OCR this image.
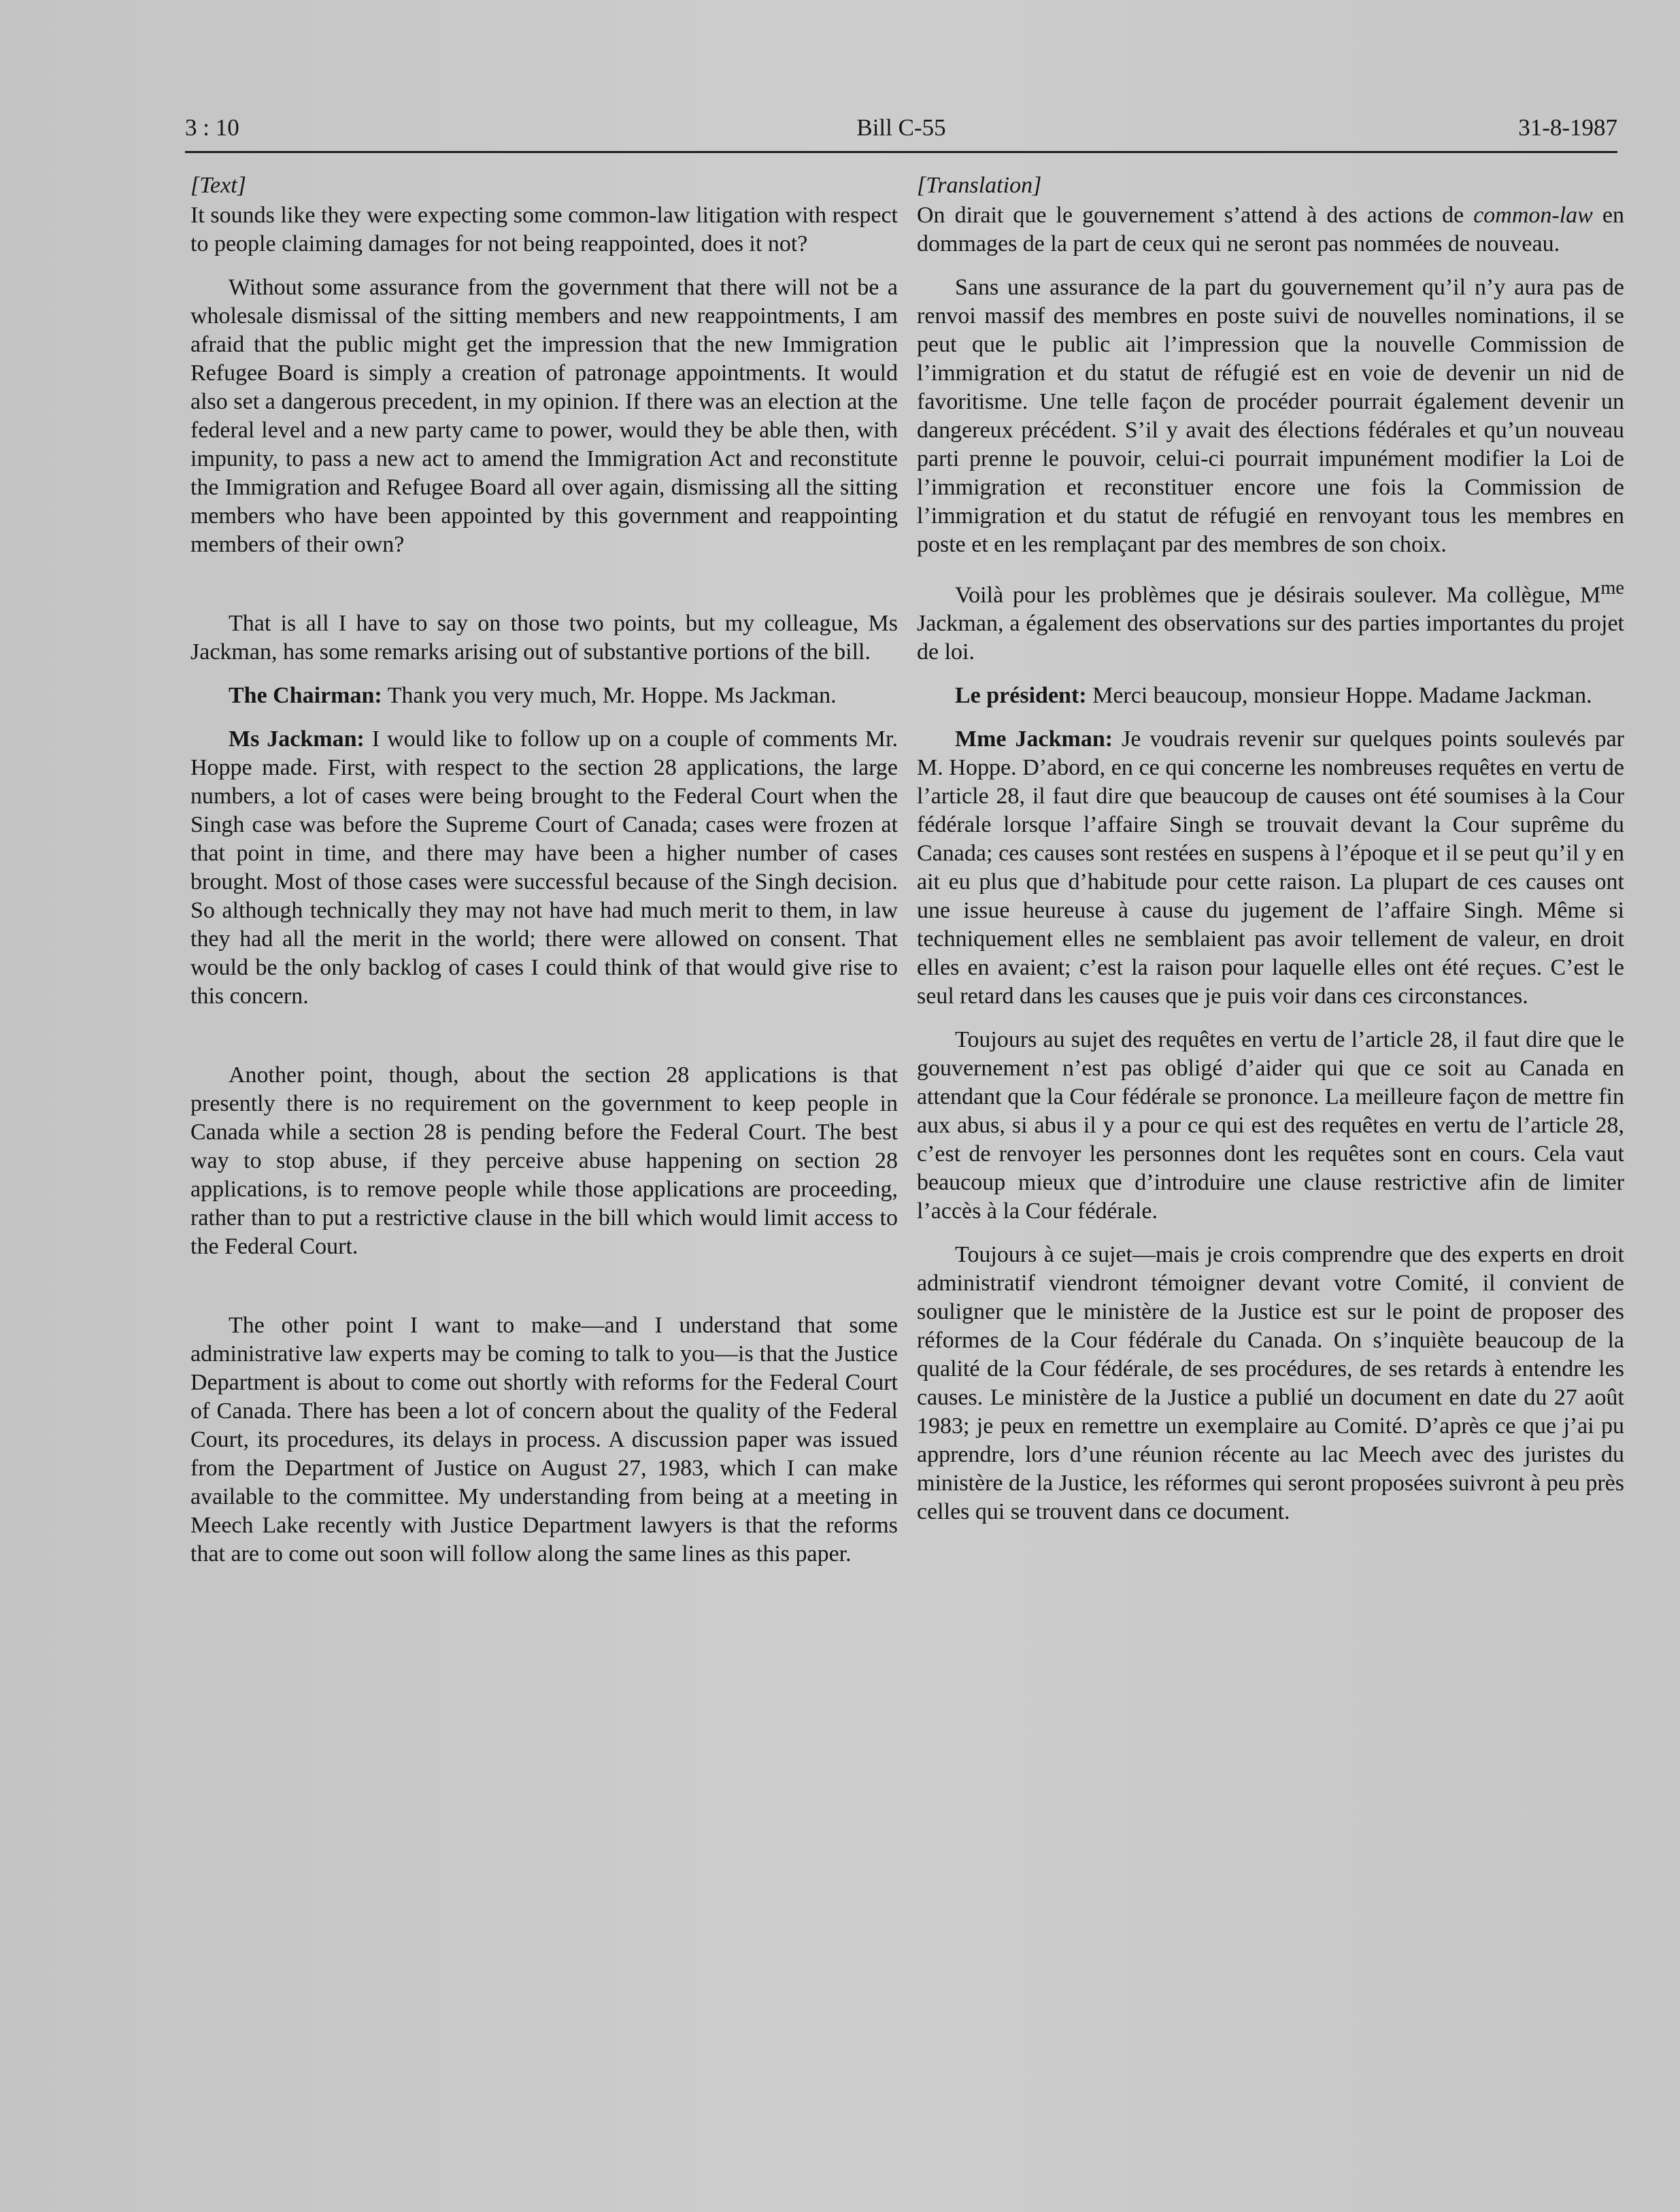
3 : 10	Bill C-55	31-8-1987
[Text]

It sounds like they were expecting some common-law litigation with respect to people claiming damages for not being reappointed, does it not?

Without some assurance from the government that there will not be a wholesale dismissal of the sitting members and new reappointments, I am afraid that the public might get the impression that the new Immigration Refugee Board is simply a creation of patronage appointments. It would also set a dangerous precedent, in my opinion. If there was an election at the federal level and a new party came to power, would they be able then, with impunity, to pass a new act to amend the Immigration Act and reconstitute the Immigration and Refugee Board all over again, dismissing all the sitting members who have been appointed by this government and reappointing members of their own?

That is all I have to say on those two points, but my colleague, Ms Jackman, has some remarks arising out of substantive portions of the bill.

The Chairman: Thank you very much, Mr. Hoppe. Ms Jackman.

Ms Jackman: I would like to follow up on a couple of comments Mr. Hoppe made. First, with respect to the section 28 applications, the large numbers, a lot of cases were being brought to the Federal Court when the Singh case was before the Supreme Court of Canada; cases were frozen at that point in time, and there may have been a higher number of cases brought. Most of those cases were successful because of the Singh decision. So although technically they may not have had much merit to them, in law they had all the merit in the world; there were allowed on consent. That would be the only backlog of cases I could think of that would give rise to this concern.

Another point, though, about the section 28 applications is that presently there is no requirement on the government to keep people in Canada while a section 28 is pending before the Federal Court. The best way to stop abuse, if they perceive abuse happening on section 28 applications, is to remove people while those applications are proceeding, rather than to put a restrictive clause in the bill which would limit access to the Federal Court.

The other point I want to make—and I understand that some administrative law experts may be coming to talk to you—is that the Justice Department is about to come out shortly with reforms for the Federal Court of Canada. There has been a lot of concern about the quality of the Federal Court, its procedures, its delays in process. A discussion paper was issued from the Department of Justice on August 27, 1983, which I can make available to the committee. My understanding from being at a meeting in Meech Lake recently with Justice Department lawyers is that the reforms that are to come out soon will follow along the same lines as this paper.

[Translation]

On dirait que le gouvernement s’attend à des actions de common-law en dommages de la part de ceux qui ne seront pas nommées de nouveau.

Sans une assurance de la part du gouvernement qu’il n’y aura pas de renvoi massif des membres en poste suivi de nouvelles nominations, il se peut que le public ait l’impression que la nouvelle Commission de l’immigration et du statut de réfugié est en voie de devenir un nid de favoritisme. Une telle façon de procéder pourrait également devenir un dangereux précédent. S’il y avait des élections fédérales et qu’un nouveau parti prenne le pouvoir, celui-ci pourrait impunément modifier la Loi de l’immigration et reconstituer encore une fois la Commission de l’immigration et du statut de réfugié en renvoyant tous les membres en poste et en les remplaçant par des membres de son choix.

Voilà pour les problèmes que je désirais soulever. Ma collègue, $M^{me}$ Jackman, a également des observations sur des parties importantes du projet de loi.

Le président: Merci beaucoup, monsieur Hoppe. Madame Jackman.

Mme Jackman: Je voudrais revenir sur quelques points soulevés par M. Hoppe. D’abord, en ce qui concerne les nombreuses requêtes en vertu de l’article 28, il faut dire que beaucoup de causes ont été soumises à la Cour fédérale lorsque l’affaire Singh se trouvait devant la Cour suprême du Canada; ces causes sont restées en suspens à l’époque et il se peut qu’il y en ait eu plus que d’habitude pour cette raison. La plupart de ces causes ont une issue heureuse à cause du jugement de l’affaire Singh. Même si techniquement elles ne semblaient pas avoir tellement de valeur, en droit elles en avaient; c’est la raison pour laquelle elles ont été reçues. C’est le seul retard dans les causes que je puis voir dans ces circonstances.

Toujours au sujet des requêtes en vertu de l’article 28, il faut dire que le gouvernement n’est pas obligé d’aider qui que ce soit au Canada en attendant que la Cour fédérale se prononce. La meilleure façon de mettre fin aux abus, si abus il y a pour ce qui est des requêtes en vertu de l’article 28, c’est de renvoyer les personnes dont les requêtes sont en cours. Cela vaut beaucoup mieux que d’introduire une clause restrictive afin de limiter l’accès à la Cour fédérale.

Toujours à ce sujet—mais je crois comprendre que des experts en droit administratif viendront témoigner devant votre Comité, il convient de souligner que le ministère de la Justice est sur le point de proposer des réformes de la Cour fédérale du Canada. On s’inquiète beaucoup de la qualité de la Cour fédérale, de ses procédures, de ses retards à entendre les causes. Le ministère de la Justice a publié un document en date du 27 août 1983; je peux en remettre un exemplaire au Comité. D’après ce que j’ai pu apprendre, lors d’une réunion récente au lac Meech avec des juristes du ministère de la Justice, les réformes qui seront proposées suivront à peu près celles qui se trouvent dans ce document.
